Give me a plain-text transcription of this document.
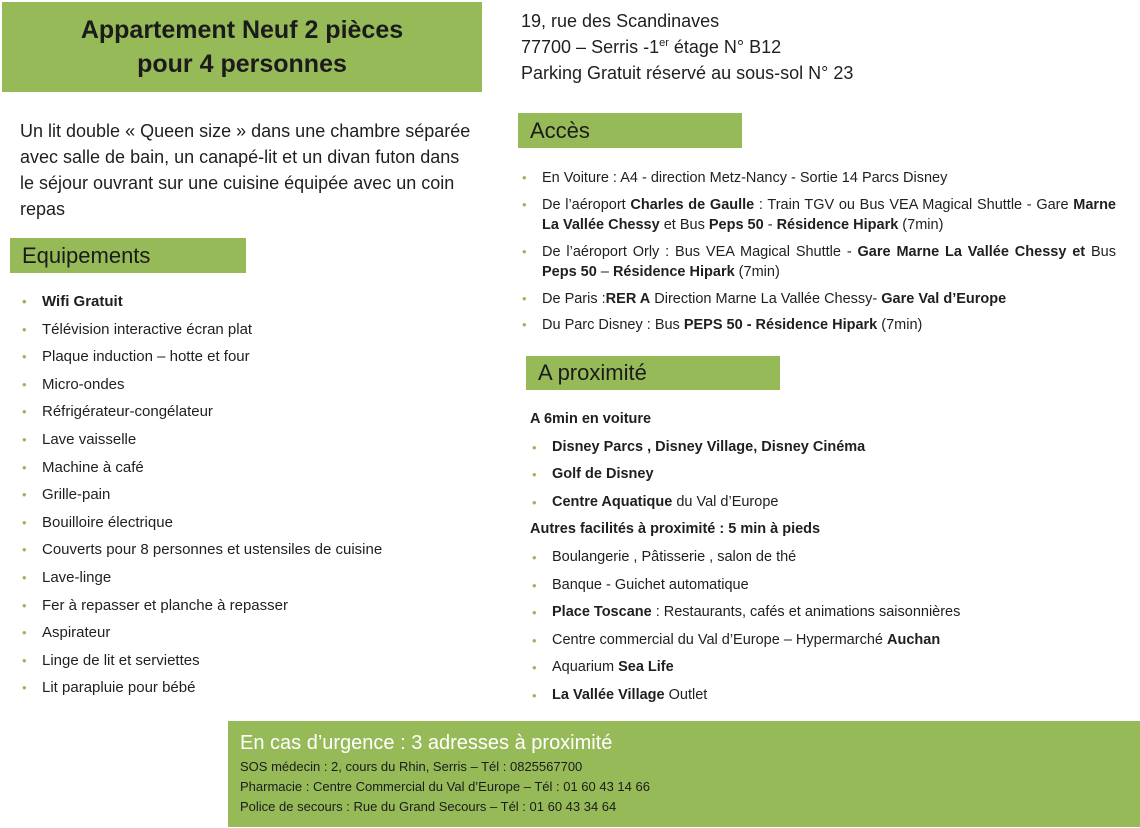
Appartement Neuf 2 pièces
pour 4 personnes
19, rue des Scandinaves
77700 – Serris -1er étage N° B12
Parking Gratuit réservé au sous-sol N° 23
Un lit double « Queen size » dans une chambre séparée avec salle de bain, un canapé-lit et un divan futon dans le séjour ouvrant sur une cuisine équipée avec un coin repas
Equipements
• Wifi Gratuit
• Télévision interactive écran plat
• Plaque induction – hotte et four
• Micro-ondes
• Réfrigérateur-congélateur
• Lave vaisselle
• Machine à café
• Grille-pain
• Bouilloire électrique
• Couverts pour 8 personnes et ustensiles de cuisine
• Lave-linge
• Fer à repasser et planche à repasser
• Aspirateur
• Linge de lit et serviettes
• Lit parapluie pour bébé
Accès
• En Voiture : A4 - direction Metz-Nancy - Sortie 14 Parcs Disney
• De l’aéroport Charles de Gaulle : Train TGV ou Bus VEA Magical Shuttle - Gare Marne La Vallée Chessy et Bus Peps 50 - Résidence Hipark (7min)
• De l’aéroport Orly : Bus VEA Magical Shuttle - Gare Marne La Vallée Chessy et Bus Peps 50 – Résidence Hipark (7min)
• De Paris :RER A Direction Marne La Vallée Chessy- Gare Val d’Europe
• Du Parc Disney : Bus PEPS 50 - Résidence Hipark (7min)
A proximité
A 6min en voiture
• Disney Parcs , Disney Village, Disney Cinéma
• Golf de Disney
• Centre Aquatique du Val d’Europe
Autres facilités à proximité : 5 min à pieds
• Boulangerie , Pâtisserie , salon de thé
• Banque - Guichet automatique
• Place Toscane : Restaurants, cafés et animations saisonnières
• Centre commercial du Val d’Europe – Hypermarché Auchan
• Aquarium Sea Life
• La Vallée Village Outlet
En cas d’urgence : 3 adresses à proximité
SOS médecin : 2, cours du Rhin, Serris – Tél : 0825567700
Pharmacie : Centre Commercial du Val d’Europe – Tél : 01 60 43 14 66
Police de secours : Rue du Grand Secours – Tél : 01 60 43 34 64
